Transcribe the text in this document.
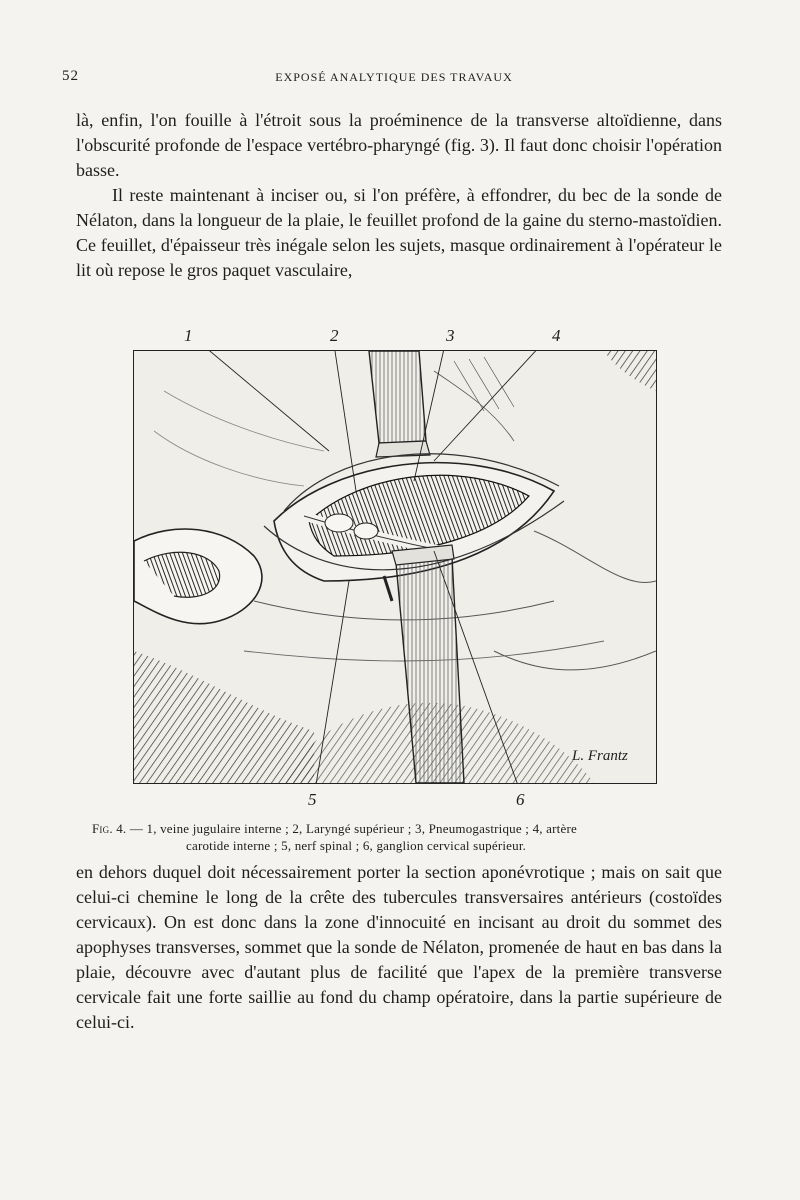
52	EXPOSÉ ANALYTIQUE DES TRAVAUX

là, enfin, l'on fouille à l'étroit sous la proéminence de la transverse altoïdienne, dans l'obscurité profonde de l'espace vertébro-pharyngé (fig. 3). Il faut donc choisir l'opération basse.

Il reste maintenant à inciser ou, si l'on préfère, à effondrer, du bec de la sonde de Nélaton, dans la longueur de la plaie, le feuillet profond de la gaine du sterno-mastoïdien. Ce feuillet, d'épaisseur très inégale selon les sujets, masque ordinairement à l'opérateur le lit où repose le gros paquet vasculaire,

1	2	3	4
5	6
L. Frantz
Fig. 4. — 1, veine jugulaire interne ; 2, Laryngé supérieur ; 3, Pneumogastrique ; 4, artère
carotide interne ; 5, nerf spinal ; 6, ganglion cervical supérieur.

en dehors duquel doit nécessairement porter la section aponévrotique ; mais on sait que celui-ci chemine le long de la crête des tubercules transversaires antérieurs (costoïdes cervicaux). On est donc dans la zone d'innocuité en incisant au droit du sommet des apophyses transverses, sommet que la sonde de Nélaton, promenée de haut en bas dans la plaie, découvre avec d'autant plus de facilité que l'apex de la première transverse cervicale fait une forte saillie au fond du champ opératoire, dans la partie supérieure de celui-ci.
